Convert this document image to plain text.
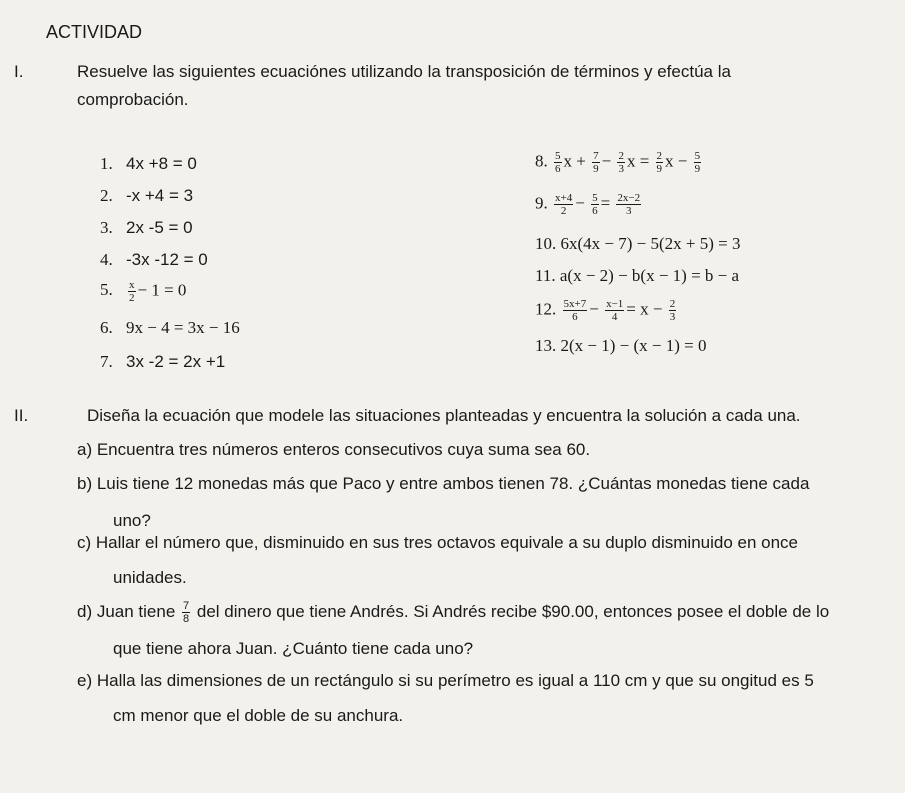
ACTIVIDAD
I.	Resuelve las siguientes ecuaciónes utilizando la transposición de términos y efectúa la
comprobación.
1. 4x +8 = 0
2. -x +4 = 3
3. 2x -5 = 0
4. -3x -12 = 0
5. $\frac{x}{2} - 1 = 0$
6. 9x − 4 = 3x − 16
7. 3x -2 = 2x +1
8. $\frac{5}{6}$ $x + \frac{7}{9} - \frac{2}{3}$ $x = \frac{2}{9}$ $x - \frac{5}{9}$
9. $\frac{x+4}{2} - \frac{5}{6} = \frac{2x-2}{3}$
10. 6x(4x − 7) − 5(2x + 5) = 3
11. a(x − 2) − b(x − 1) = b − a
12. $\frac{5x+7}{6} - \frac{x-1}{4} = x - \frac{2}{3}$
13. 2(x − 1) − (x − 1) = 0
II.	Diseña la ecuación que modele las situaciones planteadas y encuentra la solución a cada una.
a) Encuentra tres números enteros consecutivos cuya suma sea 60.
b) Luis tiene 12 monedas más que Paco y entre ambos tienen 78. ¿Cuántas monedas tiene cada
uno?
c) Hallar el número que, disminuido en sus tres octavos equivale a su duplo disminuido en once
unidades.
d) Juan tiene $\frac{7}{8}$ del dinero que tiene Andrés. Si Andrés recibe $90.00, entonces posee el doble de lo
que tiene ahora Juan. ¿Cuánto tiene cada uno?
e) Halla las dimensiones de un rectángulo si su perímetro es igual a 110 cm y que su ongitud es 5
cm menor que el doble de su anchura.
